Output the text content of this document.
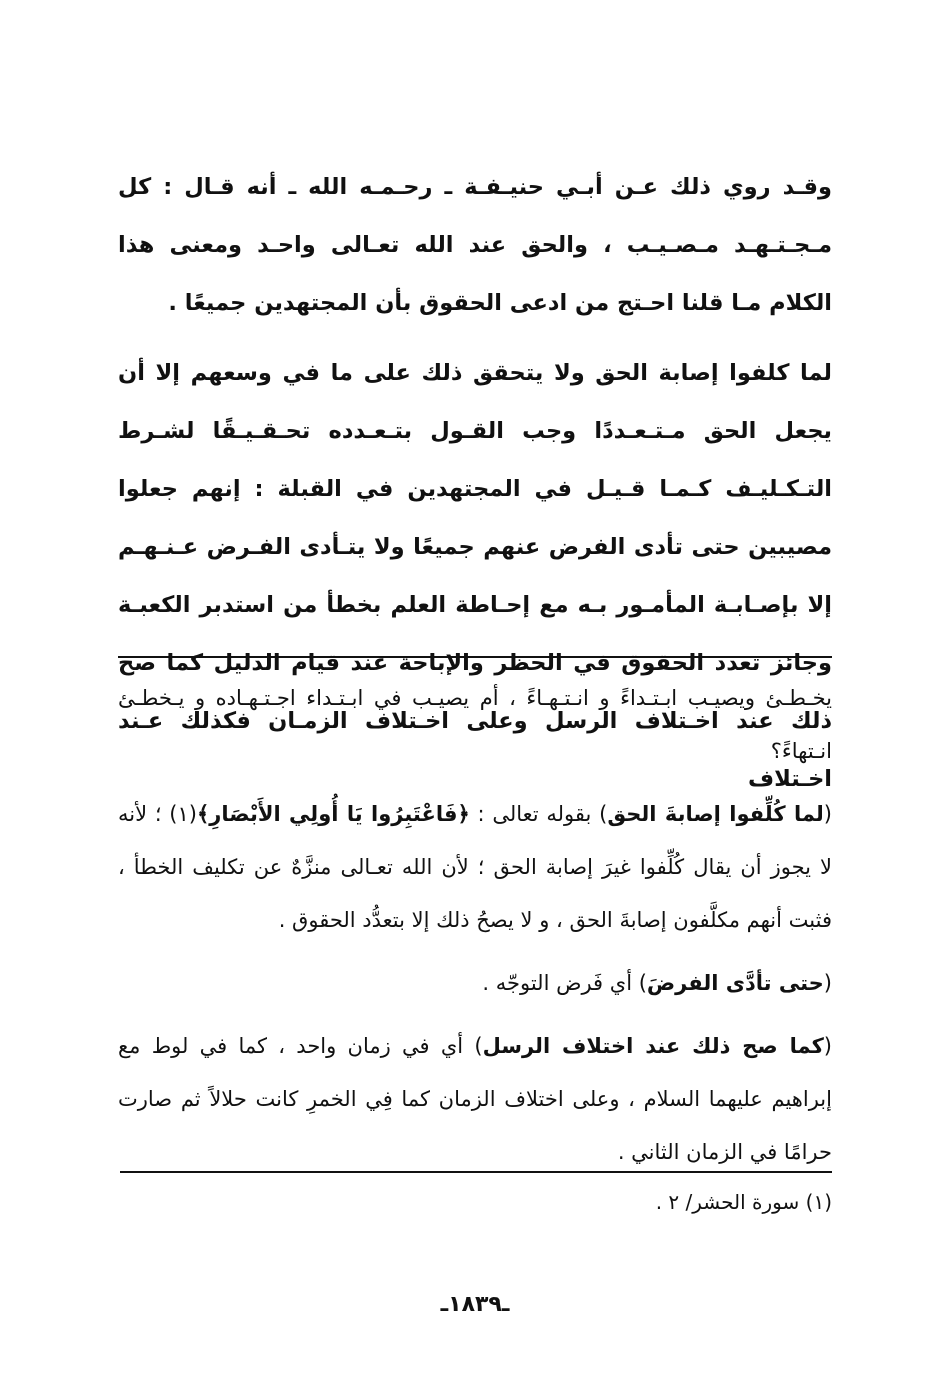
وقـد روي ذلك عـن أبـي حنيـفـة ـ رحـمـه الله ـ أنه قـال : كل مـجـتـهـد مـصـيـب ، والحق عند الله تعـالى واحـد ومعنى هذا الكلام مـا قلنا احـتج من ادعى الحقوق بأن المجتهدين جميعًا .

لما كلفوا إصابة الحق ولا يتحقق ذلك على ما في وسعهم إلا أن يجعل الحق مـتـعـددًا وجب القـول بتـعـدده تحـقـيـقًا لشـرط التـكـليـف كـمـا قـيـل في المجتهدين في القبلة : إنهم جعلوا مصيبين حتى تأدى الفرض عنهم جميعًا ولا يتـأدى الفـرض عـنـهـم إلا بإصـابـة المأمـور بـه مع إحـاطة العلم بخطأ من استدبر الكعبـة وجائز تعدد الحقوق في الحظر والإباحة عند قيام الدليل كما صح ذلك عند اخـتلاف الرسل وعلى اخـتلاف الزمـان فكذلك عـند اخـتلاف

يخـطـئ ويصيـب ابـتـداءً و انـتـهـاءً ، أم يصيـب في ابـتـداء اجـتـهـاده و يـخطـئ انـتهاءً؟

(لما كُلِّفوا إصابةَ الحق) بقوله تعالى : ﴿فَاعْتَبِرُوا يَا أُولِي الأَبْصَارِ﴾(١) ؛ لأنه لا يجوز أن يقال كُلِّفوا غيرَ إصابة الحق ؛ لأن الله تعـالى منزَّهٌ عن تكليف الخطأ ، فثبت أنهم مكلَّفون إصابةَ الحق ، و لا يصحُ ذلك إلا بتعدُّد الحقوق .

(حتى تأدَّى الفرضَ) أي فَرض التوجّه .

(كما صح ذلك عند اختلاف الرسل) أي في زمان واحد ، كما في لوط مع إبراهيم عليهما السلام ، وعلى اختلاف الزمان كما فِي الخمرِ كانت حلالاً ثم صارت حرامًا في الزمان الثاني .

(١) سورة الحشر/ ٢ .
ـ١٨٣٩ـ
